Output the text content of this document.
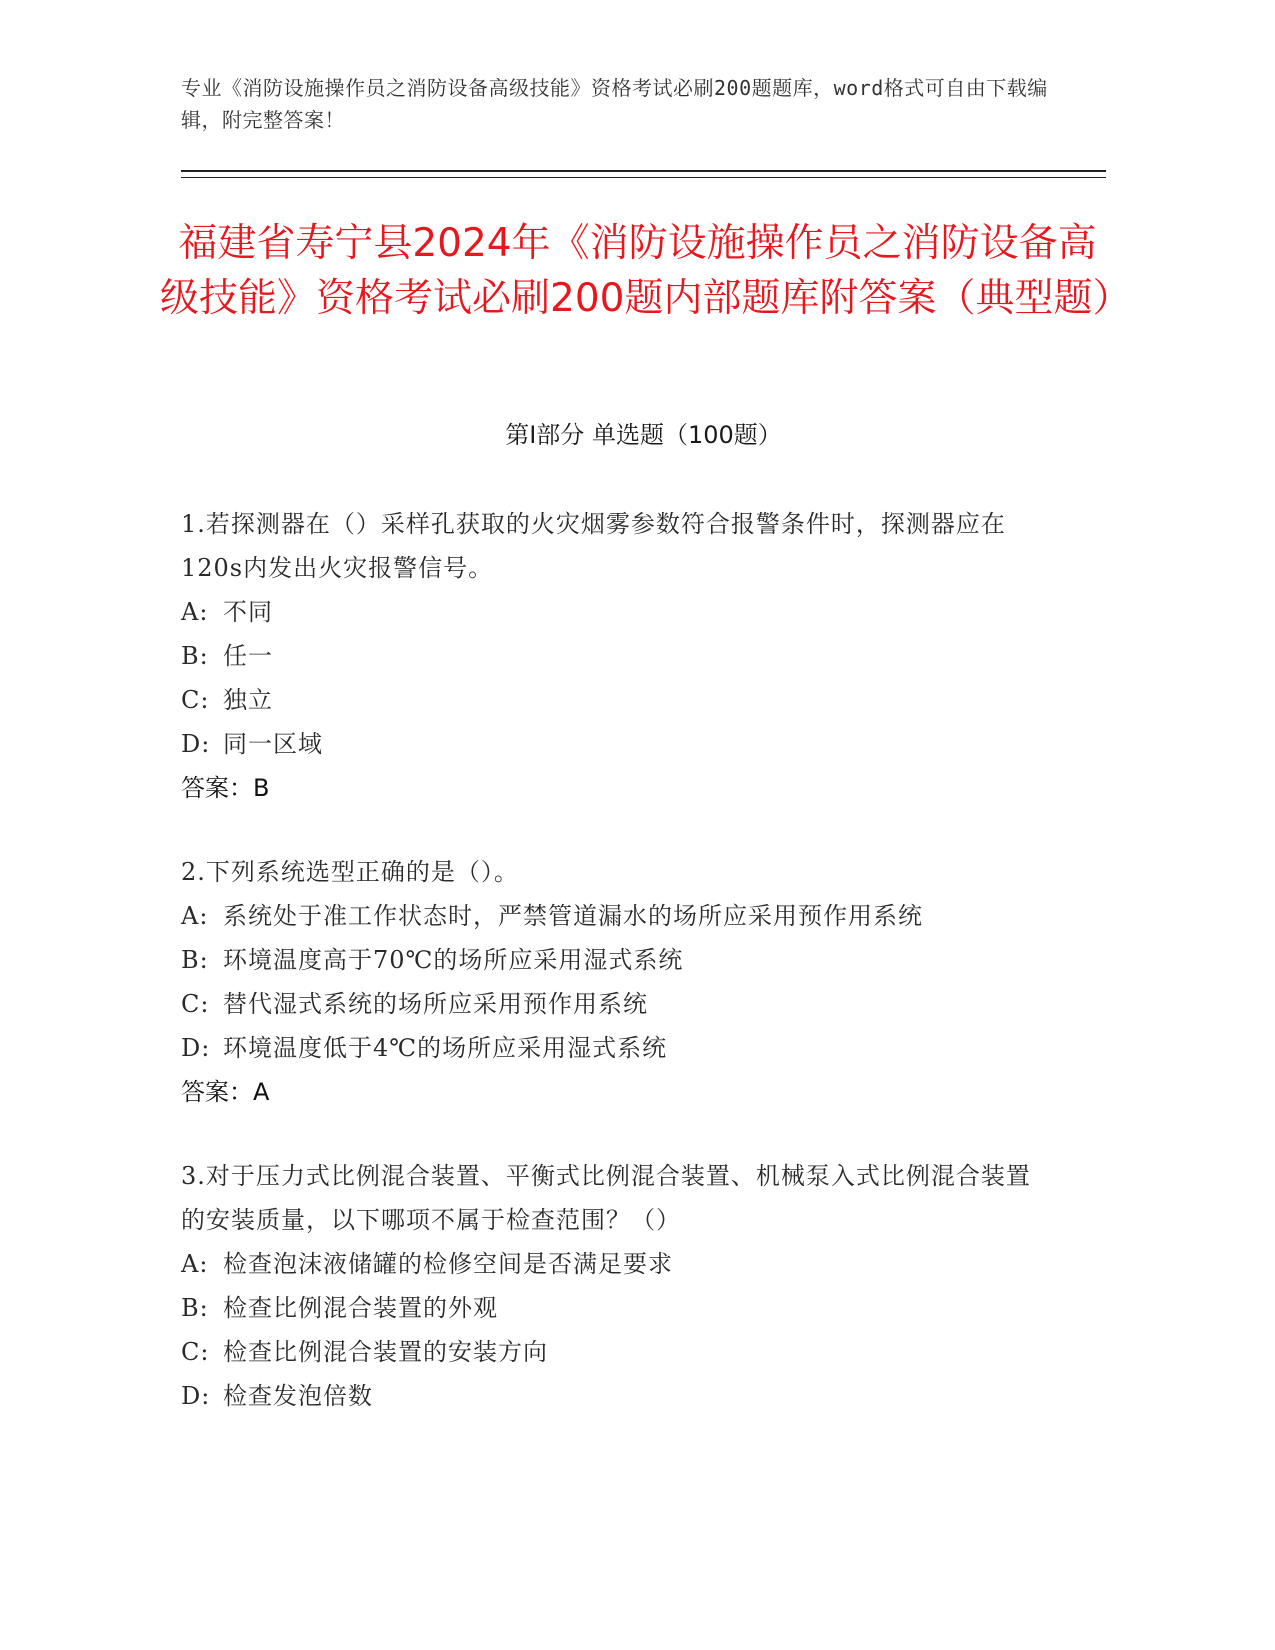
专业《消防设施操作员之消防设备高级技能》资格考试必刷200题题库，word格式可自由下载编辑，附完整答案！
福建省寿宁县2024年《消防设施操作员之消防设备高级技能》资格考试必刷200题内部题库附答案（典型题）
第Ⅰ部分 单选题（100题）

1.若探测器在（）采样孔获取的火灾烟雾参数符合报警条件时，探测器应在120s内发出火灾报警信号。

A: 不同

B: 任一

C: 独立

D: 同一区域

答案：B

2.下列系统选型正确的是（）。

A: 系统处于准工作状态时，严禁管道漏水的场所应采用预作用系统

B: 环境温度高于70℃的场所应采用湿式系统

C: 替代湿式系统的场所应采用预作用系统

D: 环境温度低于4℃的场所应采用湿式系统

答案：A

3.对于压力式比例混合装置、平衡式比例混合装置、机械泵入式比例混合装置的安装质量，以下哪项不属于检查范围？（）

A: 检查泡沫液储罐的检修空间是否满足要求

B: 检查比例混合装置的外观

C: 检查比例混合装置的安装方向

D: 检查发泡倍数
